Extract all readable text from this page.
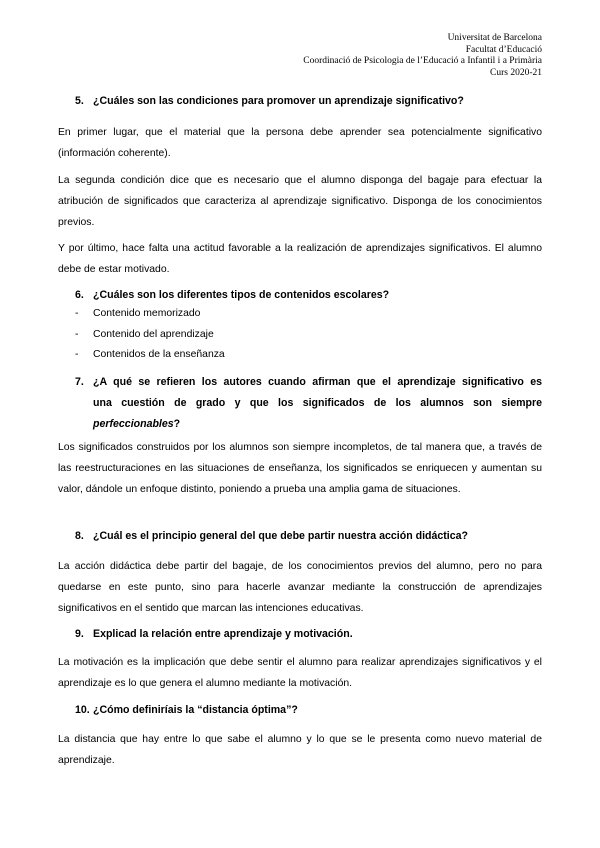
Universitat de Barcelona
Facultat d’Educació
Coordinació de Psicologia de l’Educació a Infantil i a Primària
Curs 2020-21
5. ¿Cuáles son las condiciones para promover un aprendizaje significativo?
En primer lugar, que el material que la persona debe aprender sea potencialmente significativo (información coherente).
La segunda condición dice que es necesario que el alumno disponga del bagaje para efectuar la atribución de significados que caracteriza al aprendizaje significativo. Disponga de los conocimientos previos.
Y por último, hace falta una actitud favorable a la realización de aprendizajes significativos. El alumno debe de estar motivado.
6. ¿Cuáles son los diferentes tipos de contenidos escolares?
- Contenido memorizado
- Contenido del aprendizaje
- Contenidos de la enseñanza
7. ¿A qué se refieren los autores cuando afirman que el aprendizaje significativo es
una cuestión de grado y que los significados de los alumnos son siempre
perfeccionables?
Los significados construidos por los alumnos son siempre incompletos, de tal manera que, a través de las reestructuraciones en las situaciones de enseñanza, los significados se enriquecen y aumentan su valor, dándole un enfoque distinto, poniendo a prueba una amplia gama de situaciones.
8. ¿Cuál es el principio general del que debe partir nuestra acción didáctica?
La acción didáctica debe partir del bagaje, de los conocimientos previos del alumno, pero no para quedarse en este punto, sino para hacerle avanzar mediante la construcción de aprendizajes significativos en el sentido que marcan las intenciones educativas.
9. Explicad la relación entre aprendizaje y motivación.
La motivación es la implicación que debe sentir el alumno para realizar aprendizajes significativos y el aprendizaje es lo que genera el alumno mediante la motivación.
10. ¿Cómo definiríais la “distancia óptima”?
La distancia que hay entre lo que sabe el alumno y lo que se le presenta como nuevo material de aprendizaje.
